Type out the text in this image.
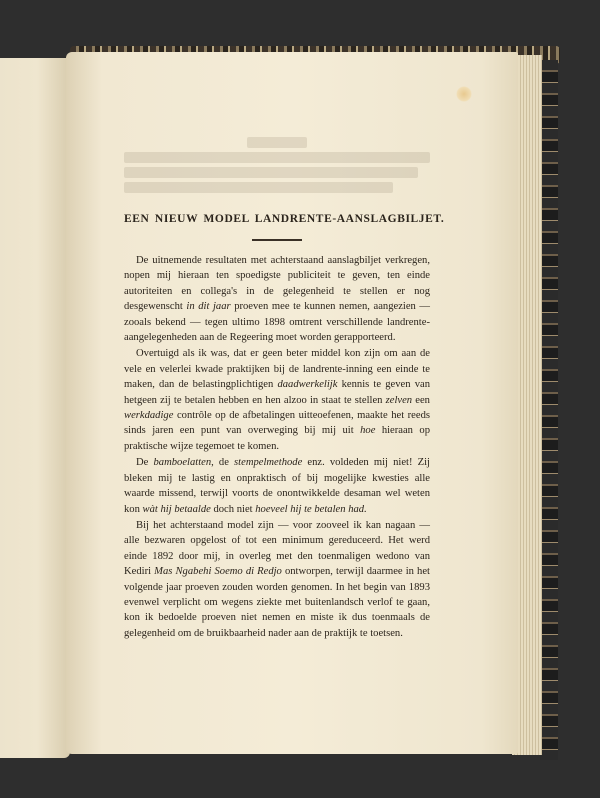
EEN NIEUW MODEL LANDRENTE-AANSLAGBILJET.

De uitnemende resultaten met achterstaand aanslagbiljet verkregen, nopen mij hieraan ten spoedigste publiciteit te geven, ten einde autoriteiten en collega's in de gelegenheid te stellen er nog desgewenscht in dit jaar proeven mee te kunnen nemen, aangezien — zooals bekend — tegen ultimo 1898 omtrent verschillende landrente-aangelegenheden aan de Regeering moet worden gerapporteerd.

Overtuigd als ik was, dat er geen beter middel kon zijn om aan de vele en velerlei kwade praktijken bij de landrente-inning een einde te maken, dan de belastingplichtigen daadwerkelijk kennis te geven van hetgeen zij te betalen hebben en hen alzoo in staat te stellen zelven een werkdadige contrôle op de afbetalingen uitteoefenen, maakte het reeds sinds jaren een punt van overweging bij mij uit hoe hieraan op praktische wijze tegemoet te komen.

De bamboelatten, de stempelmethode enz. voldeden mij niet! Zij bleken mij te lastig en onpraktisch of bij mogelijke kwesties alle waarde missend, terwijl voorts de onontwikkelde desaman wel weten kon wàt hij betaalde doch niet hoeveel hij te betalen had.

Bij het achterstaand model zijn — voor zooveel ik kan nagaan — alle bezwaren opgelost of tot een minimum gereduceerd. Het werd einde 1892 door mij, in overleg met den toenmaligen wedono van Kediri Mas Ngabehi Soemo di Redjo ontworpen, terwijl daarmee in het volgende jaar proeven zouden worden genomen. In het begin van 1893 evenwel verplicht om wegens ziekte met buitenlandsch verlof te gaan, kon ik bedoelde proeven niet nemen en miste ik dus toenmaals de gelegenheid om de bruikbaarheid nader aan de praktijk te toetsen.
